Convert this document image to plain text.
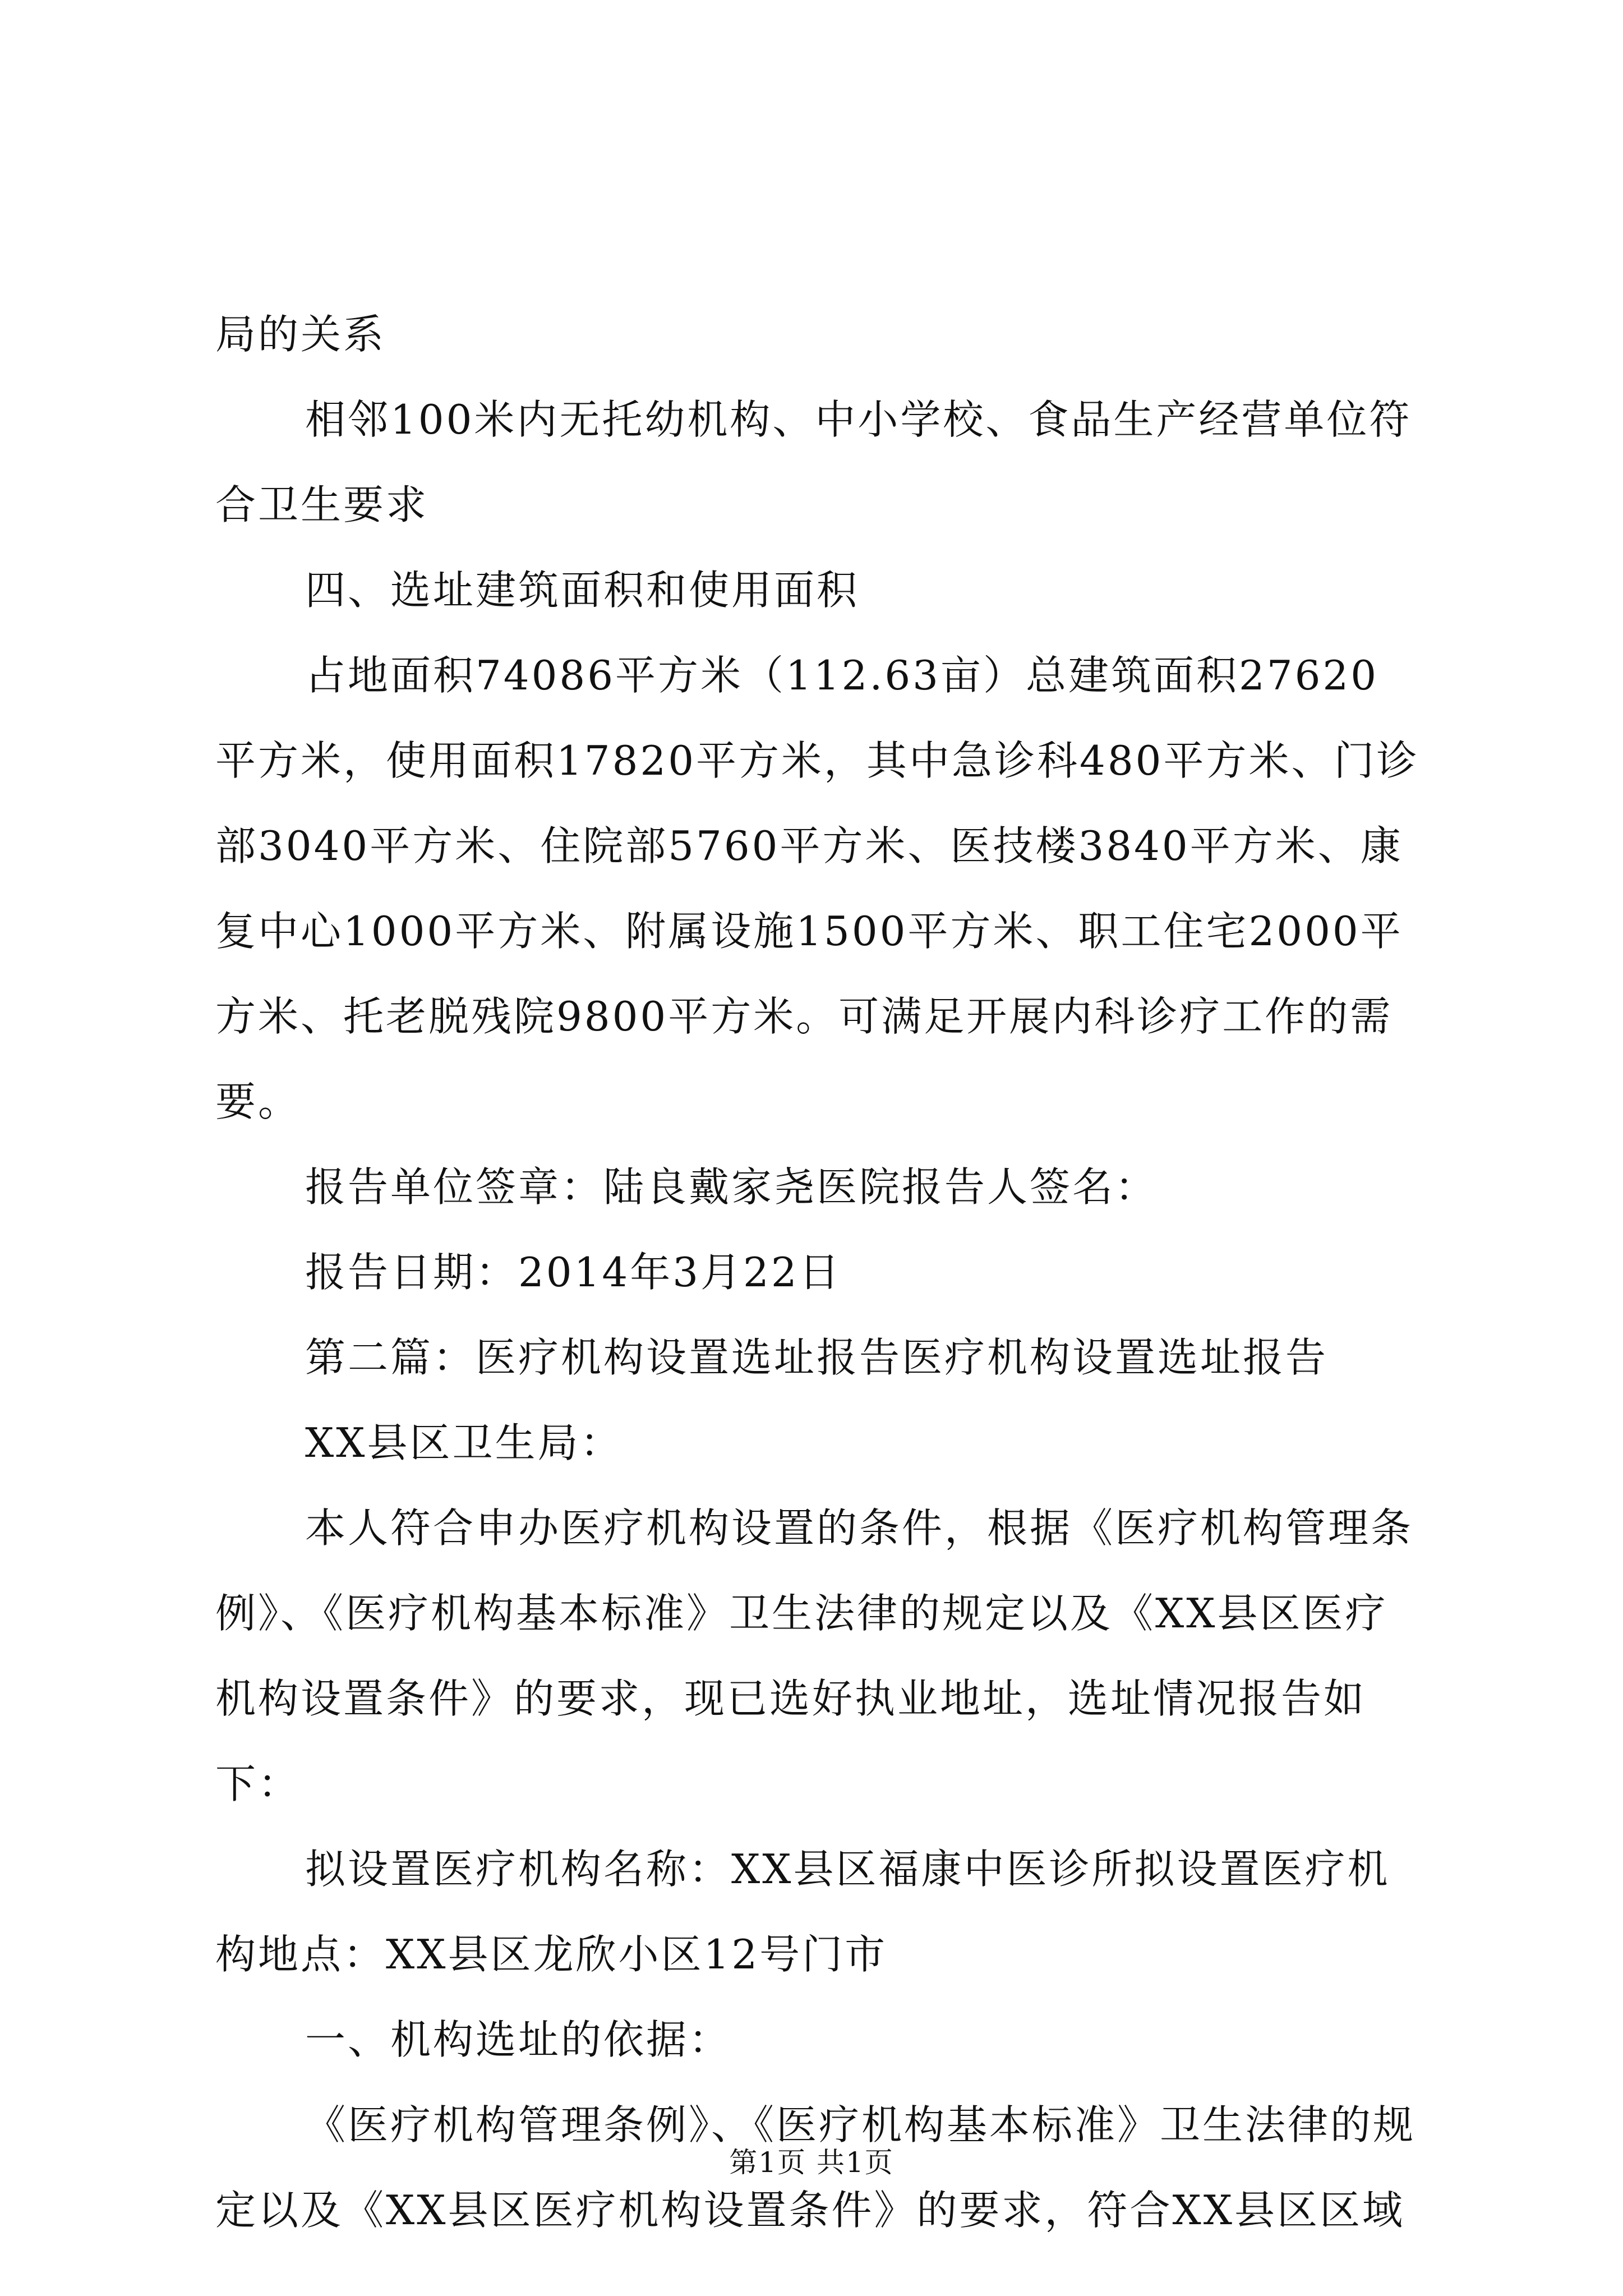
局的关系

相邻100米内无托幼机构、中小学校、食品生产经营单位符合卫生要求

四、选址建筑面积和使用面积

占地面积74086平方米（112.63亩）总建筑面积27620平方米，使用面积17820平方米，其中急诊科480平方米、门诊部3040平方米、住院部5760平方米、医技楼3840平方米、康复中心1000平方米、附属设施1500平方米、职工住宅2000平方米、托老脱残院9800平方米。可满足开展内科诊疗工作的需要。

报告单位签章：陆良戴家尧医院报告人签名：

报告日期：2014年3月22日

第二篇：医疗机构设置选址报告医疗机构设置选址报告

XX县区卫生局：

本人符合申办医疗机构设置的条件，根据《医疗机构管理条例》、《医疗机构基本标准》卫生法律的规定以及《XX县区医疗机构设置条件》的要求，现已选好执业地址，选址情况报告如下：

拟设置医疗机构名称：XX县区福康中医诊所拟设置医疗机构地点：XX县区龙欣小区12号门市

一、机构选址的依据：

《医疗机构管理条例》、《医疗机构基本标准》卫生法律的规定以及《XX县区医疗机构设置条件》的要求，符合XX县区区域

第1页 共1页
